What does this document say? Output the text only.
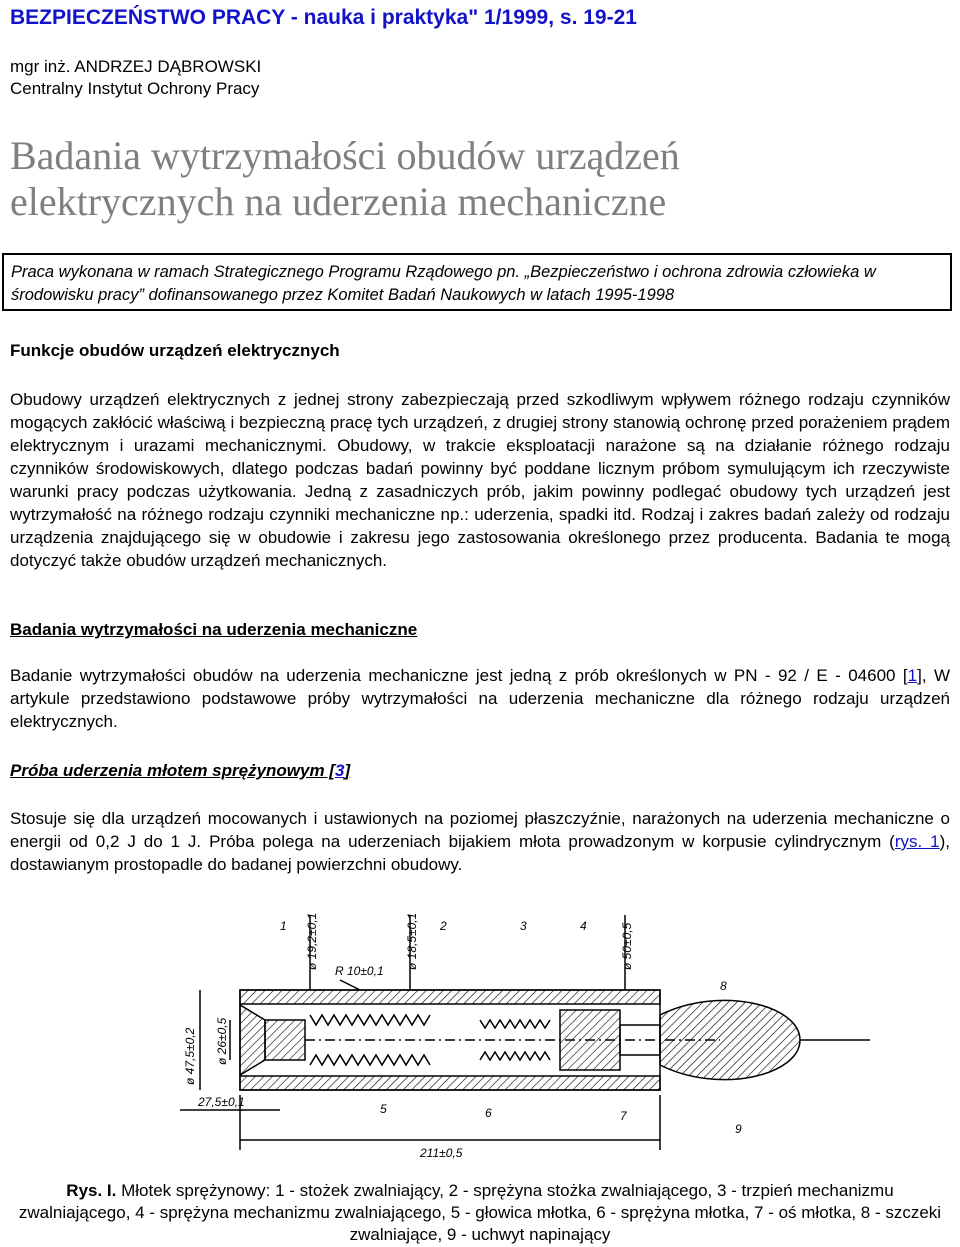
BEZPIECZEŃSTWO PRACY - nauka i praktyka" 1/1999, s. 19-21
mgr inż. ANDRZEJ DĄBROWSKI
Centralny Instytut Ochrony Pracy
Badania wytrzymałości obudów urządzeń
elektrycznych na uderzenia mechaniczne
Praca wykonana w ramach Strategicznego Programu Rządowego pn. „Bezpieczeństwo i ochrona zdrowia człowieka w środowisku pracy” dofinansowanego przez Komitet Badań Naukowych w latach 1995-1998
Funkcje obudów urządzeń elektrycznych
Obudowy urządzeń elektrycznych z jednej strony zabezpieczają przed szkodliwym wpływem różnego rodzaju czynników mogących zakłócić właściwą i bezpieczną pracę tych urządzeń, z drugiej strony stanowią ochronę przed porażeniem prądem elektrycznym i urazami mechanicznymi. Obudowy, w trakcie eksploatacji narażone są na działanie różnego rodzaju czynników środowiskowych, dlatego podczas badań powinny być poddane licznym próbom symulującym ich rzeczywiste warunki pracy podczas użytkowania. Jedną z zasadniczych prób, jakim powinny podlegać obudowy tych urządzeń jest wytrzymałość na różnego rodzaju czynniki mechaniczne np.: uderzenia, spadki itd. Rodzaj i zakres badań zależy od rodzaju urządzenia znajdującego się w obudowie i zakresu jego zastosowania określonego przez producenta. Badania te mogą dotyczyć także obudów urządzeń mechanicznych.
Badania wytrzymałości na uderzenia mechaniczne
Badanie wytrzymałości obudów na uderzenia mechaniczne jest jedną z prób określonych w PN - 92 / E - 04600 [1], W artykule przedstawiono podstawowe próby wytrzymałości na uderzenia mechaniczne dla różnego rodzaju urządzeń elektrycznych.
Próba uderzenia młotem sprężynowym [3]
Stosuje się dla urządzeń mocowanych i ustawionych na poziomej płaszczyźnie, narażonych na uderzenia mechaniczne o energii od 0,2 J do 1 J. Próba polega na uderzeniach bijakiem młota prowadzonym w korpusie cylindrycznym (rys. 1), dostawianym prostopadle do badanej powierzchni obudowy.
ø 19,2±0,1
R 10±0,1
ø 18,5±0,1	ø 50±0,5
ø 47,5±0,2 ø 26±0,5
27,5±0,1
211±0,5
1	2	3	4
5	6	7
8
9
Rys. I. Młotek sprężynowy: 1 - stożek zwalniający, 2 - sprężyna stożka zwalniającego, 3 - trzpień mechanizmu zwalniającego, 4 - sprężyna mechanizmu zwalniającego, 5 - głowica młotka, 6 - sprężyna młotka, 7 - oś młotka, 8 - szczeki zwalniające, 9 - uchwyt napinający
